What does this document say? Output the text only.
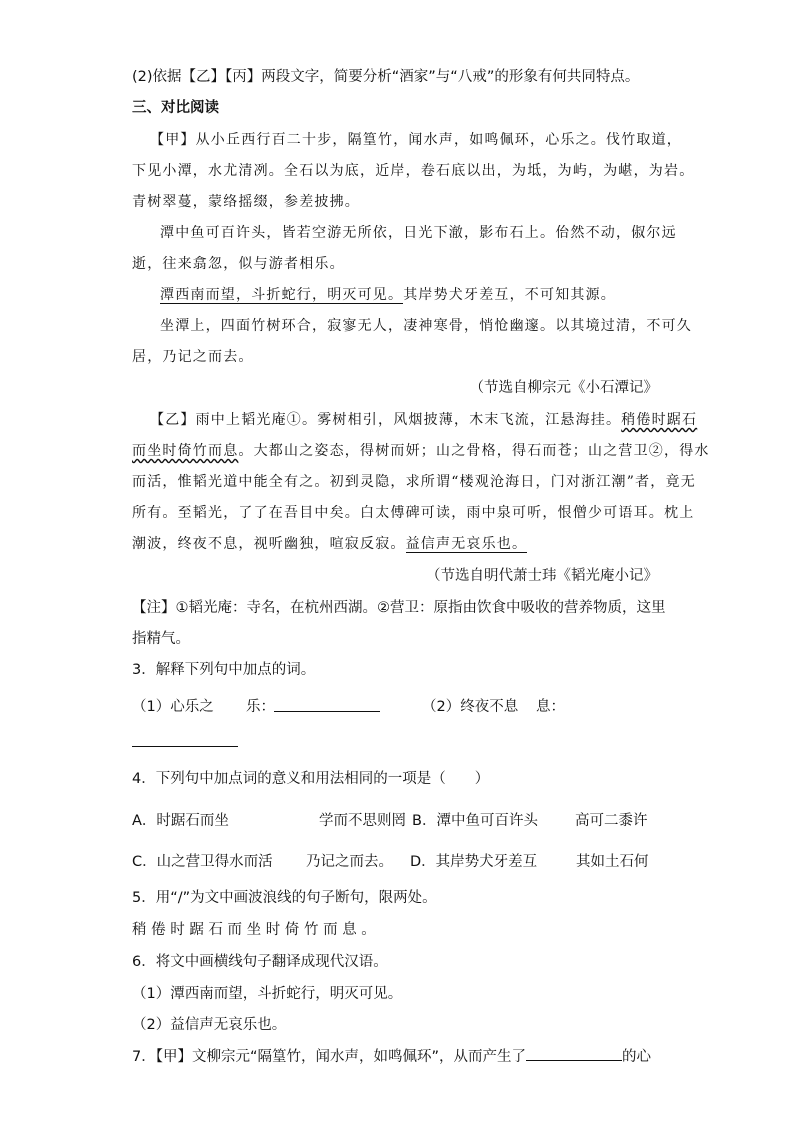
(2)依据【乙】【丙】两段文字，简要分析“酒家”与“八戒”的形象有何共同特点。
三、对比阅读
【甲】从小丘西行百二十步，隔篁竹，闻水声，如鸣佩环，心乐之。伐竹取道，
下见小潭，水尤清冽。全石以为底，近岸，卷石底以出，为坻，为屿，为嵁，为岩。
青树翠蔓，蒙络摇缀，参差披拂。
潭中鱼可百许头，皆若空游无所依，日光下澈，影布石上。佁然不动，俶尔远
逝，往来翕忽，似与游者相乐。
潭西南而望，斗折蛇行，明灭可见。其岸势犬牙差互，不可知其源。
坐潭上，四面竹树环合，寂寥无人，凄神寒骨，悄怆幽邃。以其境过清，不可久
居，乃记之而去。
（节选自柳宗元《小石潭记》
【乙】雨中上韬光庵①。雾树相引，风烟披薄，木末飞流，江悬海挂。稍倦时踞石
而坐时倚竹而息。大都山之姿态，得树而妍；山之骨格，得石而苍；山之营卫②，得水
而活，惟韬光道中能全有之。初到灵隐，求所谓“楼观沧海日，门对浙江潮”者，竟无
所有。至韬光，了了在吾目中矣。白太傅碑可读，雨中泉可听，恨僧少可语耳。枕上
潮波，终夜不息，视听幽独，喧寂反寂。益信声无哀乐也。
（节选自明代萧士玮《韬光庵小记》
【注】①韬光庵：寺名，在杭州西湖。②营卫：原指由饮食中吸收的营养物质，这里
指精气。
3．解释下列句中加点的词。
（1）心乐之 乐：	（2）终夜不息 息：
4．下列句中加点词的意义和用法相同的一项是（　　）
A．时踞石而坐	学而不思则罔 B．潭中鱼可百许头	高可二黍许
C．山之营卫得水而活 乃记之而去。 D．其岸势犬牙差互	其如土石何
5．用“/”为文中画波浪线的句子断句，限两处。
稍 倦 时 踞 石 而 坐 时 倚 竹 而 息 。
6．将文中画横线句子翻译成现代汉语。
（1）潭西南而望，斗折蛇行，明灭可见。
（2）益信声无哀乐也。
7．【甲】文柳宗元“隔篁竹，闻水声，如鸣佩环”，从而产生了	的心
